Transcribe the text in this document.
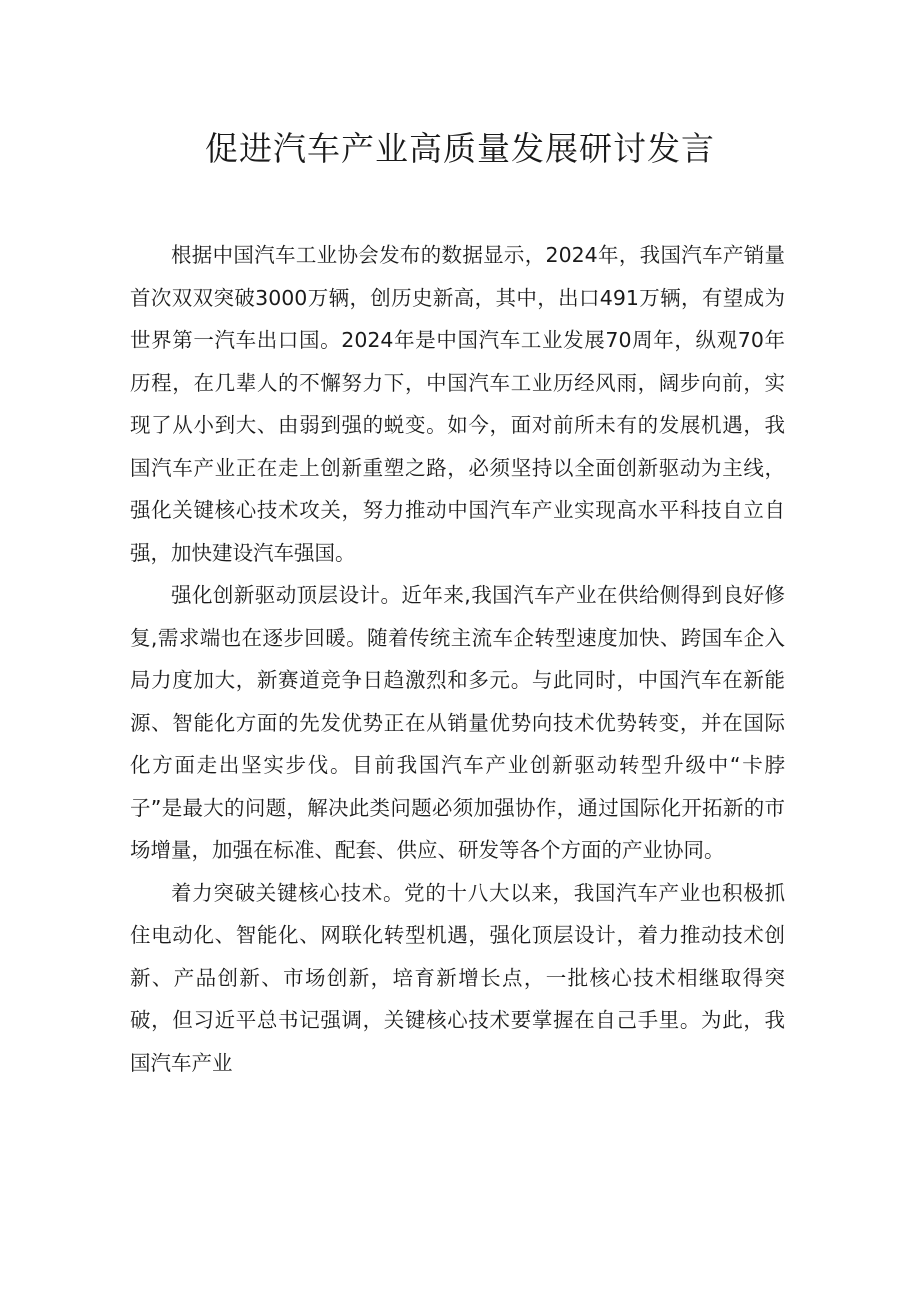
促进汽车产业高质量发展研讨发言

根据中国汽车工业协会发布的数据显示，2024年，我国汽车产销量首次双双突破3000万辆，创历史新高，其中，出口491万辆，有望成为世界第一汽车出口国。2024年是中国汽车工业发展70周年，纵观70年历程，在几辈人的不懈努力下，中国汽车工业历经风雨，阔步向前，实现了从小到大、由弱到强的蜕变。如今，面对前所未有的发展机遇，我国汽车产业正在走上创新重塑之路，必须坚持以全面创新驱动为主线，强化关键核心技术攻关，努力推动中国汽车产业实现高水平科技自立自强，加快建设汽车强国。

强化创新驱动顶层设计。近年来,我国汽车产业在供给侧得到良好修复,需求端也在逐步回暖。随着传统主流车企转型速度加快、跨国车企入局力度加大，新赛道竞争日趋激烈和多元。与此同时，中国汽车在新能源、智能化方面的先发优势正在从销量优势向技术优势转变，并在国际化方面走出坚实步伐。目前我国汽车产业创新驱动转型升级中“卡脖子”是最大的问题，解决此类问题必须加强协作，通过国际化开拓新的市场增量，加强在标准、配套、供应、研发等各个方面的产业协同。

着力突破关键核心技术。党的十八大以来，我国汽车产业也积极抓住电动化、智能化、网联化转型机遇，强化顶层设计，着力推动技术创新、产品创新、市场创新，培育新增长点，一批核心技术相继取得突破，但习近平总书记强调，关键核心技术要掌握在自己手里。为此，我国汽车产业
